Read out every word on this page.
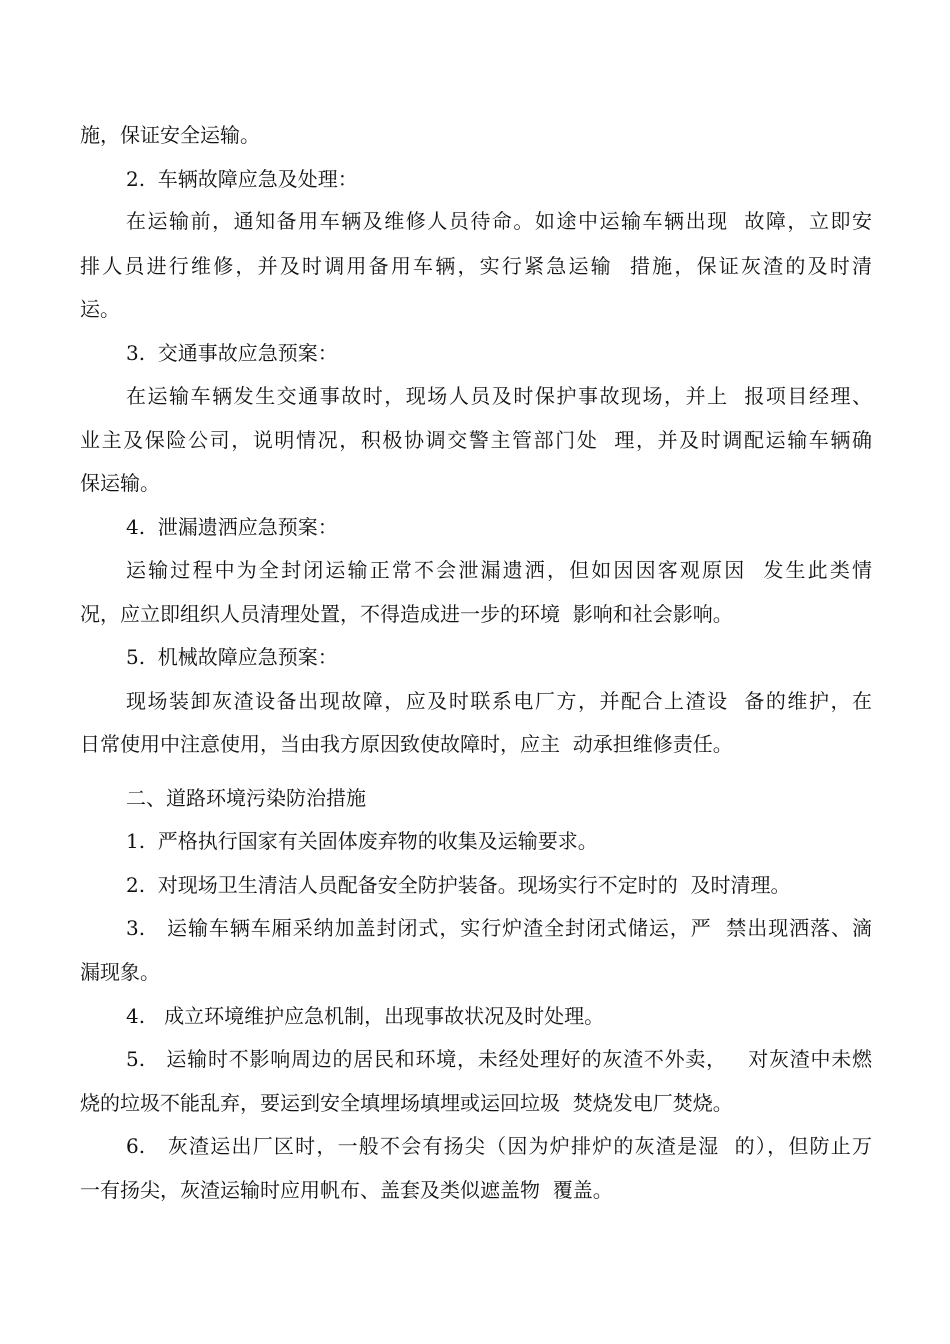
施，保证安全运输。
2.  车辆故障应急及处理：
在运输前，通知备用车辆及维修人员待命。如途中运输车辆出现  故障，立即安
排人员进行维修，并及时调用备用车辆，实行紧急运输  措施，保证灰渣的及时清
运。
3.  交通事故应急预案：
在运输车辆发生交通事故时，现场人员及时保护事故现场，并上  报项目经理、
业主及保险公司，说明情况，积极协调交警主管部门处  理，并及时调配运输车辆确
保运输。
4.  泄漏遗洒应急预案：
运输过程中为全封闭运输正常不会泄漏遗洒，但如因因客观原因  发生此类情
况，应立即组织人员清理处置，不得造成进一步的环境  影响和社会影响。
5.  机械故障应急预案：
现场装卸灰渣设备出现故障，应及时联系电厂方，并配合上渣设  备的维护，在
日常使用中注意使用，当由我方原因致使故障时，应主  动承担维修责任。
二、道路环境污染防治措施
1.  严格执行国家有关固体废弃物的收集及运输要求。
2.  对现场卫生清洁人员配备安全防护装备。现场实行不定时的  及时清理。
3.   运输车辆车厢采纳加盖封闭式，实行炉渣全封闭式储运，严  禁出现洒落、滴
漏现象。
4.   成立环境维护应急机制，出现事故状况及时处理。
5.   运输时不影响周边的居民和环境，未经处理好的灰渣不外卖，   对灰渣中未燃
烧的垃圾不能乱弃，要运到安全填埋场填埋或运回垃圾  焚烧发电厂焚烧。
6.   灰渣运出厂区时，一般不会有扬尖（因为炉排炉的灰渣是湿  的），但防止万
一有扬尖，灰渣运输时应用帆布、盖套及类似遮盖物  覆盖。
